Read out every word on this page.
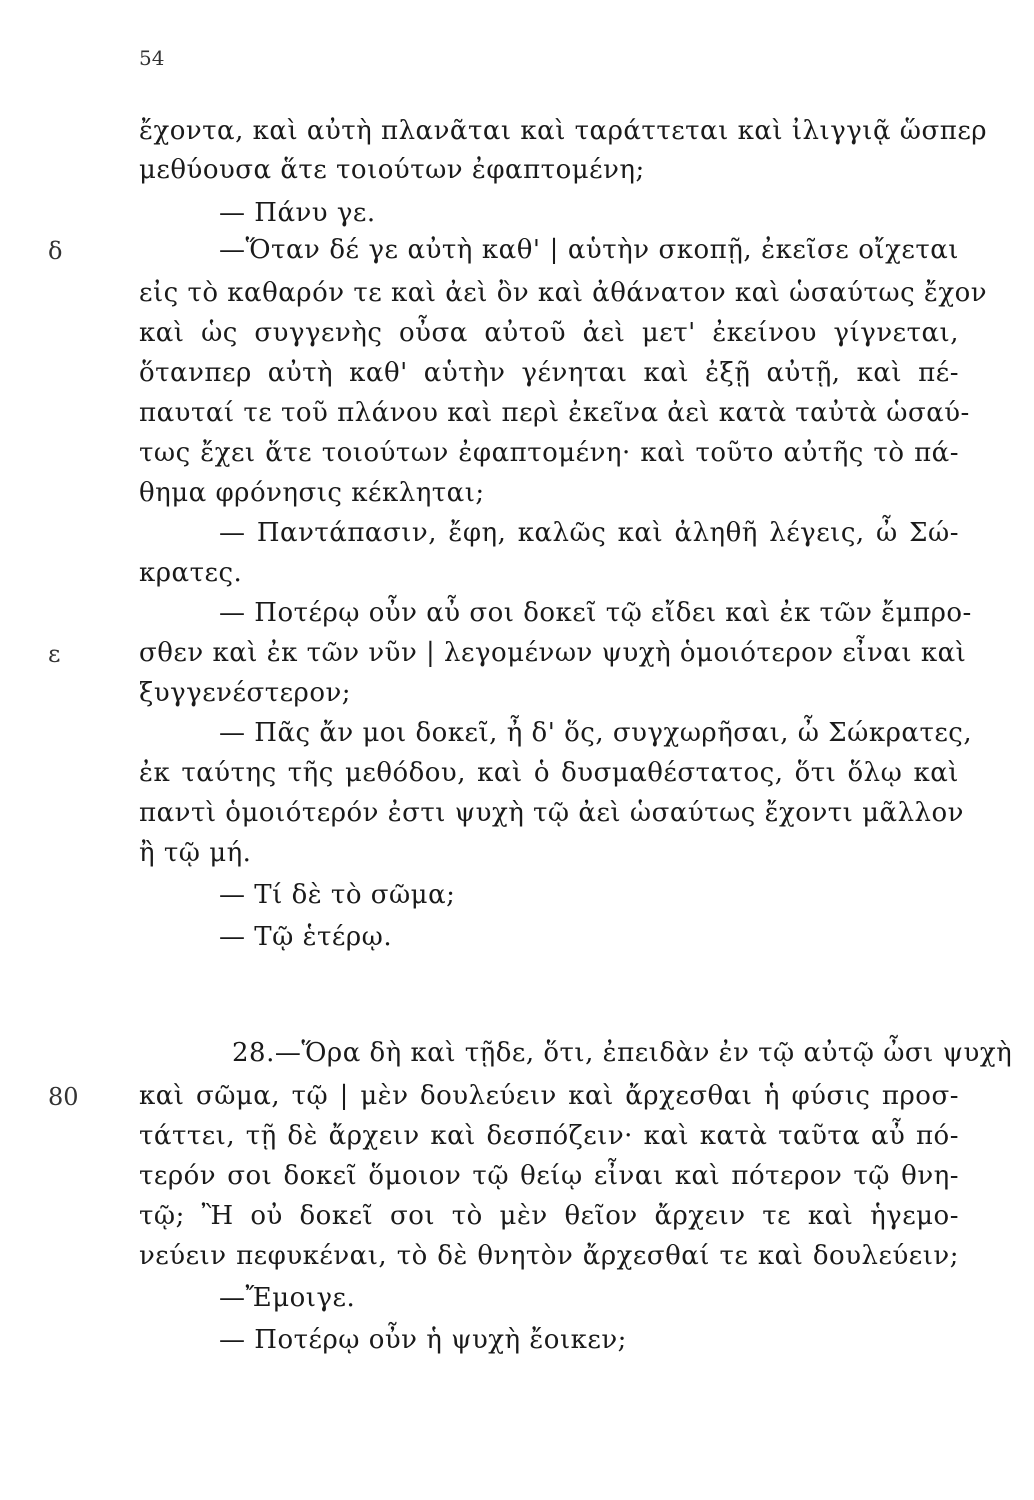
54
δ
ε
80
ἔχοντα, καὶ αὐτὴ πλανᾶται καὶ ταράττεται καὶ ἰλιγγιᾷ ὥσπερ
μεθύουσα ἅτε τοιούτων ἐφαπτομένη;
— Πάνυ γε.
—Ὅταν δέ γε αὐτὴ καθ' | αὑτὴν σκοπῇ, ἐκεῖσε οἴχεται
εἰς τὸ καθαρόν τε καὶ ἀεὶ ὂν καὶ ἀθάνατον καὶ ὡσαύτως ἔχον
καὶ ὡς συγγενὴς οὖσα αὐτοῦ ἀεὶ μετ' ἐκείνου γίγνεται,
ὅτανπερ αὐτὴ καθ' αὑτὴν γένηται καὶ ἐξῇ αὐτῇ, καὶ πέ-
παυταί τε τοῦ πλάνου καὶ περὶ ἐκεῖνα ἀεὶ κατὰ ταὐτὰ ὡσαύ-
τως ἔχει ἅτε τοιούτων ἐφαπτομένη· καὶ τοῦτο αὐτῆς τὸ πά-
θημα φρόνησις κέκληται;
— Παντάπασιν, ἔφη, καλῶς καὶ ἀληθῆ λέγεις, ὦ Σώ-
κρατες.
— Ποτέρῳ οὖν αὖ σοι δοκεῖ τῷ εἴδει καὶ ἐκ τῶν ἔμπρο-
σθεν καὶ ἐκ τῶν νῦν | λεγομένων ψυχὴ ὁμοιότερον εἶναι καὶ
ξυγγενέστερον;
— Πᾶς ἄν μοι δοκεῖ, ἦ δ' ὅς, συγχωρῆσαι, ὦ Σώκρατες,
ἐκ ταύτης τῆς μεθόδου, καὶ ὁ δυσμαθέστατος, ὅτι ὅλῳ καὶ
παντὶ ὁμοιότερόν ἐστι ψυχὴ τῷ ἀεὶ ὡσαύτως ἔχοντι μᾶλλον
ἢ τῷ μή.
— Τί δὲ τὸ σῶμα;
— Τῷ ἑτέρῳ.
28.—Ὅρα δὴ καὶ τῇδε, ὅτι, ἐπειδὰν ἐν τῷ αὐτῷ ὦσι ψυχὴ
καὶ σῶμα, τῷ | μὲν δουλεύειν καὶ ἄρχεσθαι ἡ φύσις προσ-
τάττει, τῇ δὲ ἄρχειν καὶ δεσπόζειν· καὶ κατὰ ταῦτα αὖ πό-
τερόν σοι δοκεῖ ὅμοιον τῷ θείῳ εἶναι καὶ πότερον τῷ θνη-
τῷ; Ἢ οὐ δοκεῖ σοι τὸ μὲν θεῖον ἄρχειν τε καὶ ἡγεμο-
νεύειν πεφυκέναι, τὸ δὲ θνητὸν ἄρχεσθαί τε καὶ δουλεύειν;
—Ἔμοιγε.
— Ποτέρῳ οὖν ἡ ψυχὴ ἔοικεν;
